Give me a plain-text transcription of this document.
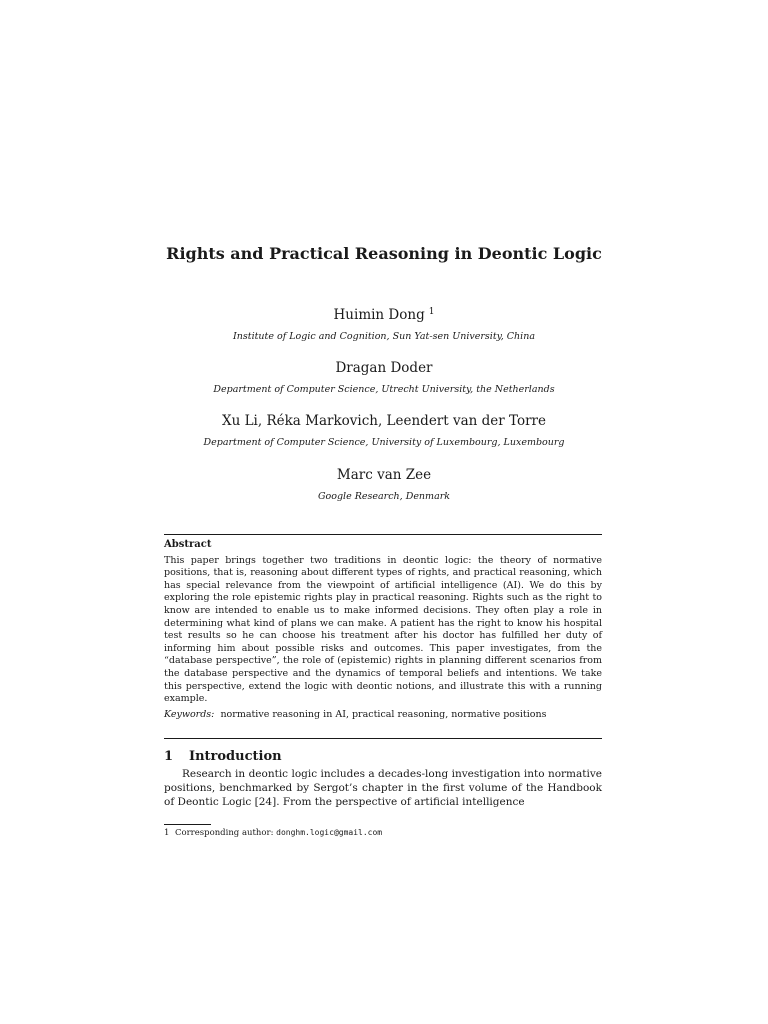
Rights and Practical Reasoning in Deontic Logic
Huimin Dong $^1$
Institute of Logic and Cognition, Sun Yat-sen University, China
Dragan Doder
Department of Computer Science, Utrecht University, the Netherlands
Xu Li, Réka Markovich, Leendert van der Torre
Department of Computer Science, University of Luxembourg, Luxembourg
Marc van Zee
Google Research, Denmark
Abstract

This paper brings together two traditions in deontic logic: the theory of normative positions, that is, reasoning about different types of rights, and practical reasoning, which has special relevance from the viewpoint of artificial intelligence (AI). We do this by exploring the role epistemic rights play in practical reasoning. Rights such as the right to know are intended to enable us to make informed decisions. They often play a role in determining what kind of plans we can make. A patient has the right to know his hospital test results so he can choose his treatment after his doctor has fulfilled her duty of informing him about possible risks and outcomes. This paper investigates, from the “database perspective”, the role of (epistemic) rights in planning different scenarios from the database perspective and the dynamics of temporal beliefs and intentions. We take this perspective, extend the logic with deontic notions, and illustrate this with a running example.

Keywords: normative reasoning in AI, practical reasoning, normative positions
1 Introduction

Research in deontic logic includes a decades-long investigation into normative positions, benchmarked by Sergot’s chapter in the first volume of the Handbook of Deontic Logic [24]. From the perspective of artificial intelligence

1 Corresponding author: donghm.logic@gmail.com
